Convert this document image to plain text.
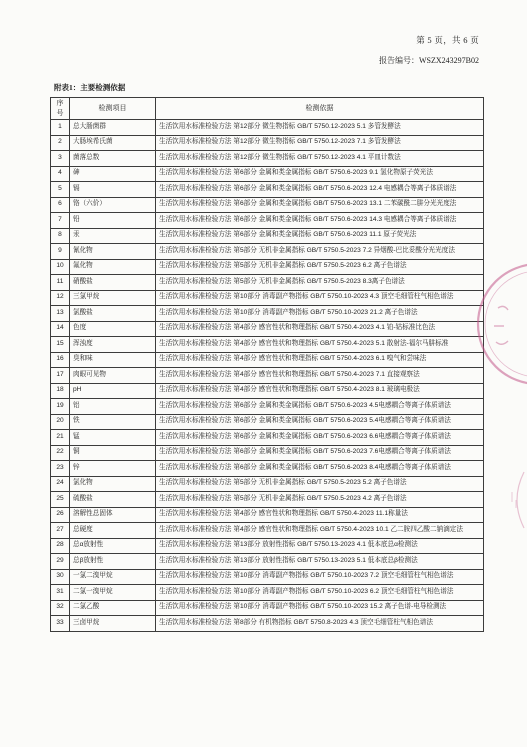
第 5 页，共 6 页
报告编号：WSZX243297B02
附表1：主要检测依据
序号	检测项目	检测依据
1	总大肠菌群	生活饮用水标准检验方法 第12部分 微生物指标 GB/T 5750.12-2023 5.1 多管发酵法
2	大肠埃希氏菌	生活饮用水标准检验方法 第12部分 微生物指标 GB/T 5750.12-2023 7.1 多管发酵法
3	菌落总数	生活饮用水标准检验方法 第12部分 微生物指标 GB/T 5750.12-2023 4.1 平皿计数法
4	砷	生活饮用水标准检验方法 第6部分 金属和类金属指标 GB/T 5750.6-2023 9.1 氢化物原子荧光法
5	镉	生活饮用水标准检验方法 第6部分 金属和类金属指标 GB/T 5750.6-2023 12.4 电感耦合等离子体质谱法
6	铬（六价）	生活饮用水标准检验方法 第6部分 金属和类金属指标 GB/T 5750.6-2023 13.1 二苯碳酰二肼分光光度法
7	铅	生活饮用水标准检验方法 第6部分 金属和类金属指标 GB/T 5750.6-2023 14.3 电感耦合等离子体质谱法
8	汞	生活饮用水标准检验方法 第6部分 金属和类金属指标 GB/T 5750.6-2023 11.1 原子荧光法
9	氰化物	生活饮用水标准检验方法 第5部分 无机非金属指标 GB/T 5750.5-2023 7.2 异烟酸-巴比妥酸分光光度法
10	氟化物	生活饮用水标准检验方法 第5部分 无机非金属指标 GB/T 5750.5-2023 6.2 离子色谱法
11	硝酸盐	生活饮用水标准检验方法 第5部分 无机非金属指标 GB/T 5750.5-2023 8.3离子色谱法
12	三氯甲烷	生活饮用水标准检验方法 第10部分 消毒副产物指标 GB/T 5750.10-2023 4.3 顶空毛细管柱气相色谱法
13	氯酸盐	生活饮用水标准检验方法 第10部分 消毒副产物指标 GB/T 5750.10-2023 21.2 离子色谱法
14	色度	生活饮用水标准检验方法 第4部分 感官性状和物理指标 GB/T 5750.4-2023 4.1 铂-钴标准比色法
15	浑浊度	生活饮用水标准检验方法 第4部分 感官性状和物理指标 GB/T 5750.4-2023 5.1 散射法-福尔马肼标准
16	臭和味	生活饮用水标准检验方法 第4部分 感官性状和物理指标 GB/T 5750.4-2023 6.1 嗅气和尝味法
17	肉眼可见物	生活饮用水标准检验方法 第4部分 感官性状和物理指标 GB/T 5750.4-2023 7.1 直接观察法
18	pH	生活饮用水标准检验方法 第4部分 感官性状和物理指标 GB/T 5750.4-2023 8.1 玻璃电极法
19	铝	生活饮用水标准检验方法 第6部分 金属和类金属指标 GB/T 5750.6-2023 4.5电感耦合等离子体质谱法
20	铁	生活饮用水标准检验方法 第6部分 金属和类金属指标 GB/T 5750.6-2023 5.4电感耦合等离子体质谱法
21	锰	生活饮用水标准检验方法 第6部分 金属和类金属指标 GB/T 5750.6-2023 6.6电感耦合等离子体质谱法
22	铜	生活饮用水标准检验方法 第6部分 金属和类金属指标 GB/T 5750.6-2023 7.6电感耦合等离子体质谱法
23	锌	生活饮用水标准检验方法 第6部分 金属和类金属指标 GB/T 5750.6-2023 8.4电感耦合等离子体质谱法
24	氯化物	生活饮用水标准检验方法 第5部分 无机非金属指标 GB/T 5750.5-2023 5.2 离子色谱法
25	硫酸盐	生活饮用水标准检验方法 第5部分 无机非金属指标 GB/T 5750.5-2023 4.2 离子色谱法
26	溶解性总固体	生活饮用水标准检验方法 第4部分 感官性状和物理指标 GB/T 5750.4-2023 11.1称量法
27	总硬度	生活饮用水标准检验方法 第4部分 感官性状和物理指标 GB/T 5750.4-2023 10.1 乙二胺四乙酸二钠滴定法
28	总α放射性	生活饮用水标准检验方法 第13部分 放射性指标 GB/T 5750.13-2023 4.1 低本底总α检测法
29	总β放射性	生活饮用水标准检验方法 第13部分 放射性指标 GB/T 5750.13-2023 5.1 低本底总β检测法
30	一氯二溴甲烷	生活饮用水标准检验方法 第10部分 消毒副产物指标 GB/T 5750.10-2023 7.2 顶空毛细管柱气相色谱法
31	二氯一溴甲烷	生活饮用水标准检验方法 第10部分 消毒副产物指标 GB/T 5750.10-2023 6.2 顶空毛细管柱气相色谱法
32	二氯乙酸	生活饮用水标准检验方法 第10部分 消毒副产物指标 GB/T 5750.10-2023 15.2 离子色谱-电导检测法
33	三卤甲烷	生活饮用水标准检验方法 第8部分 有机物指标 GB/T 5750.8-2023 4.3 顶空毛细管柱气相色谱法
